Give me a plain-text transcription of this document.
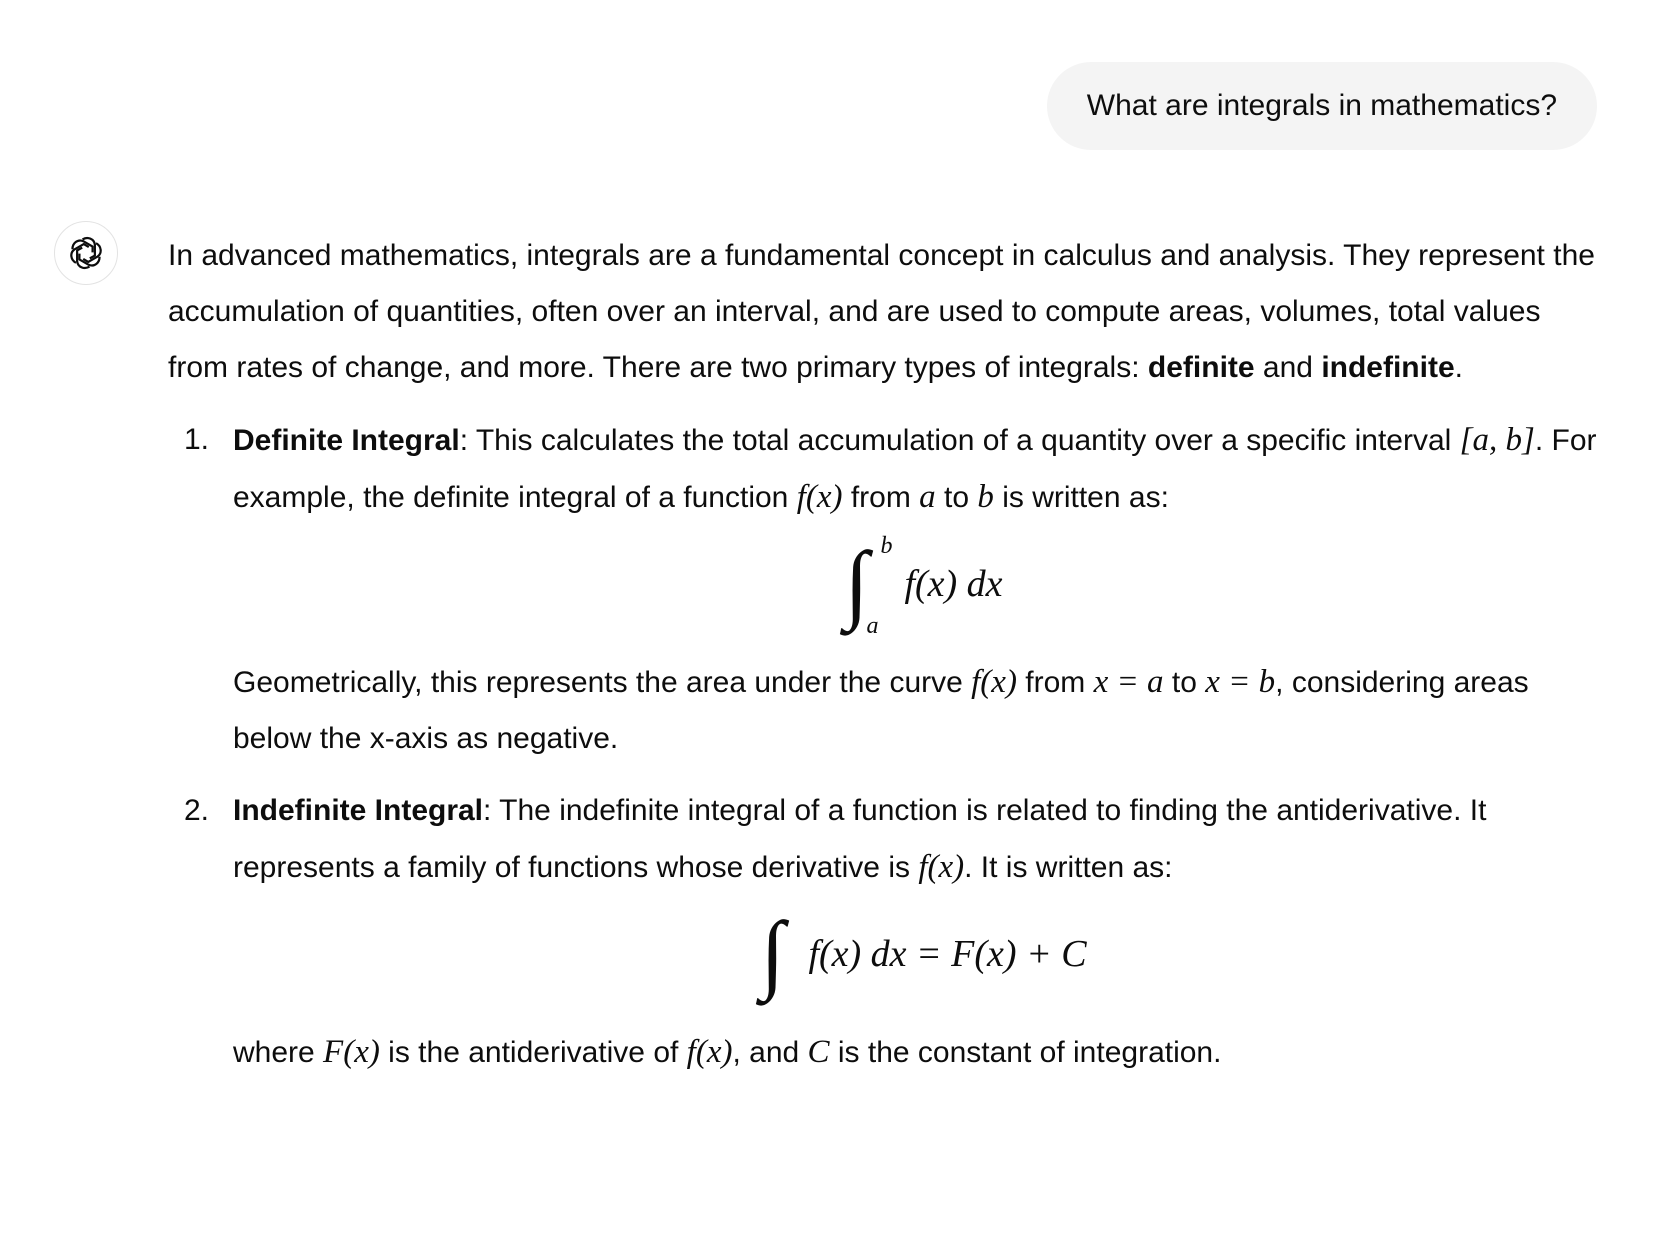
What are integrals in mathematics?

In advanced mathematics, integrals are a fundamental concept in calculus and analysis. They represent the accumulation of quantities, often over an interval, and are used to compute areas, volumes, total values from rates of change, and more. There are two primary types of integrals: definite and indefinite.

1. Definite Integral: This calculates the total accumulation of a quantity over a specific interval [a, b]. For example, the definite integral of a function f(x) from a to b is written as:
∫ b
a
f(x) dx
Geometrically, this represents the area under the curve f(x) from x = a to x = b, considering areas below the x-axis as negative.
2. Indefinite Integral: The indefinite integral of a function is related to finding the antiderivative. It represents a family of functions whose derivative is f(x). It is written as:
∫ f(x) dx = F(x) + C
where F(x) is the antiderivative of f(x), and C is the constant of integration.
